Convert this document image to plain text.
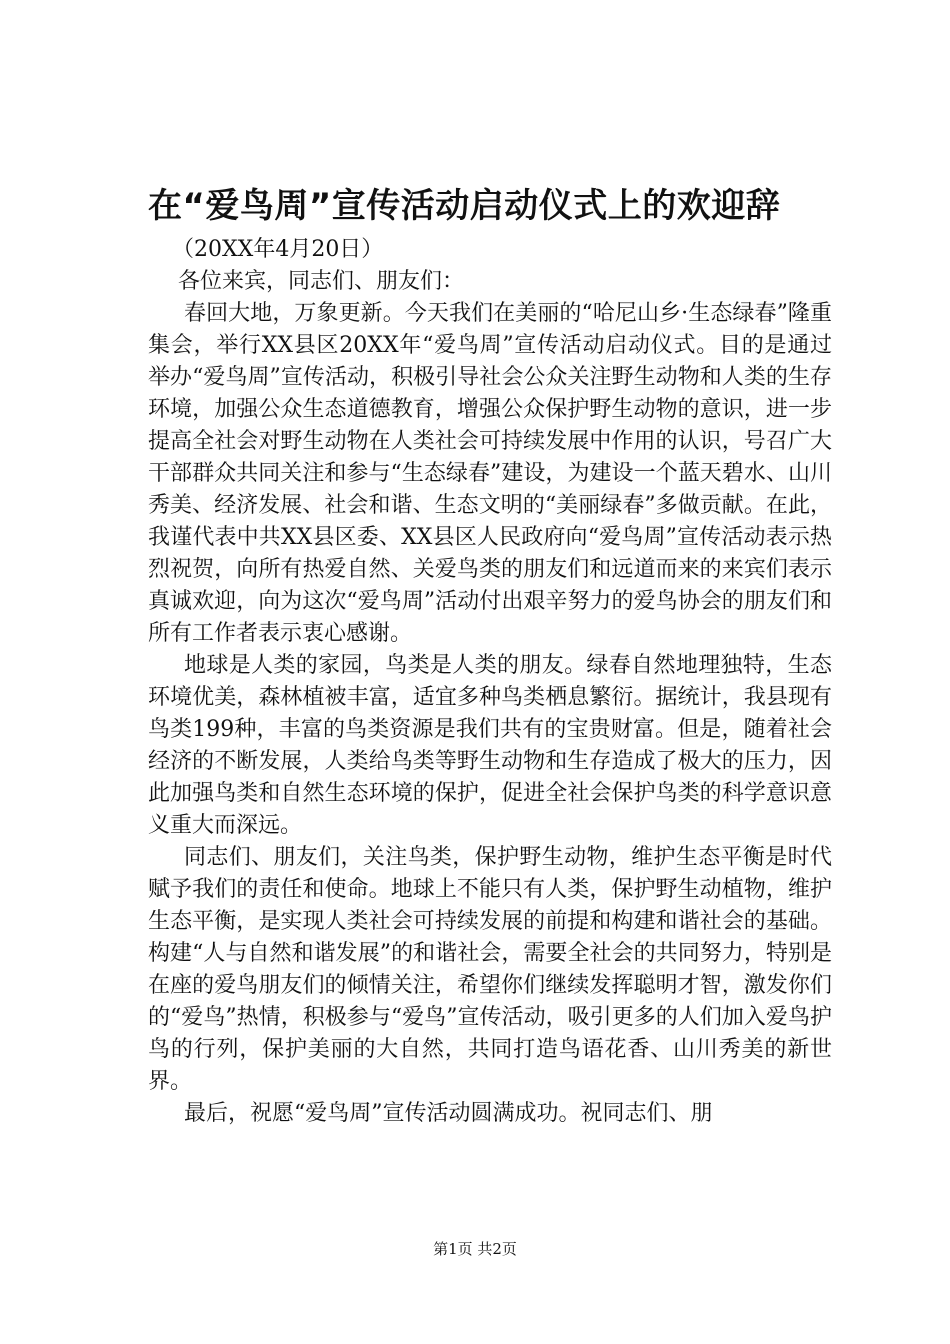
在“爱鸟周”宣传活动启动仪式上的欢迎辞

（20XX年4月20日）

各位来宾，同志们、朋友们：

春回大地，万象更新。今天我们在美丽的“哈尼山乡·生态绿春”隆重集会，举行XX县区20XX年“爱鸟周”宣传活动启动仪式。目的是通过举办“爱鸟周”宣传活动，积极引导社会公众关注野生动物和人类的生存环境，加强公众生态道德教育，增强公众保护野生动物的意识，进一步提高全社会对野生动物在人类社会可持续发展中作用的认识，号召广大干部群众共同关注和参与“生态绿春”建设，为建设一个蓝天碧水、山川秀美、经济发展、社会和谐、生态文明的“美丽绿春”多做贡献。在此，我谨代表中共XX县区委、XX县区人民政府向“爱鸟周”宣传活动表示热烈祝贺，向所有热爱自然、关爱鸟类的朋友们和远道而来的来宾们表示真诚欢迎，向为这次“爱鸟周”活动付出艰辛努力的爱鸟协会的朋友们和所有工作者表示衷心感谢。

地球是人类的家园，鸟类是人类的朋友。绿春自然地理独特，生态环境优美，森林植被丰富，适宜多种鸟类栖息繁衍。据统计，我县现有鸟类199种，丰富的鸟类资源是我们共有的宝贵财富。但是，随着社会经济的不断发展，人类给鸟类等野生动物和生存造成了极大的压力，因此加强鸟类和自然生态环境的保护，促进全社会保护鸟类的科学意识意义重大而深远。

同志们、朋友们，关注鸟类，保护野生动物，维护生态平衡是时代赋予我们的责任和使命。地球上不能只有人类，保护野生动植物，维护生态平衡，是实现人类社会可持续发展的前提和构建和谐社会的基础。构建“人与自然和谐发展”的和谐社会，需要全社会的共同努力，特别是在座的爱鸟朋友们的倾情关注，希望你们继续发挥聪明才智，激发你们的“爱鸟”热情，积极参与“爱鸟”宣传活动，吸引更多的人们加入爱鸟护鸟的行列，保护美丽的大自然，共同打造鸟语花香、山川秀美的新世界。

最后，祝愿“爱鸟周”宣传活动圆满成功。祝同志们、朋

第1页 共2页
